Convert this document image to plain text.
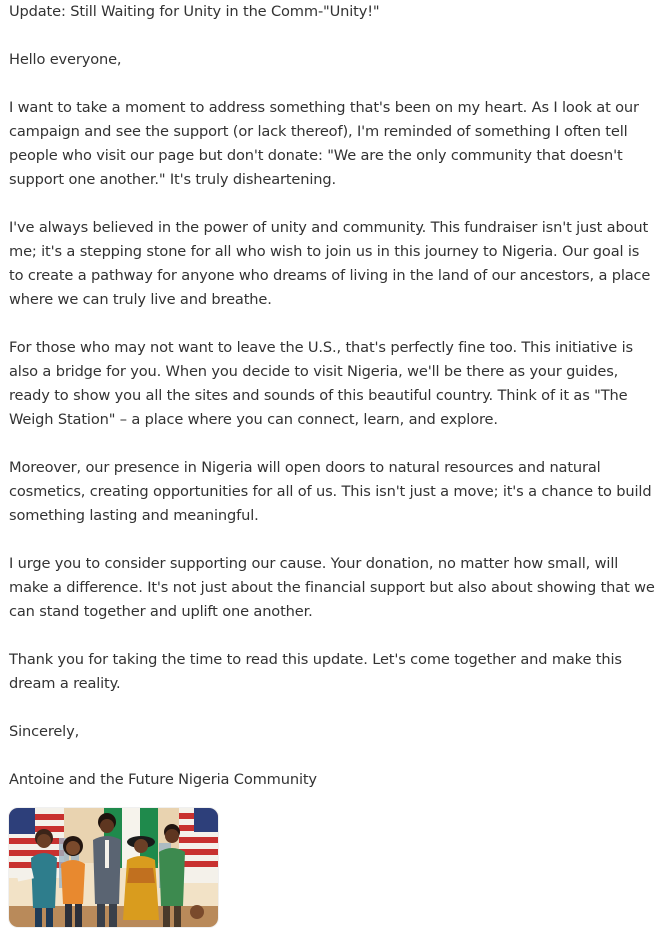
Update: Still Waiting for Unity in the Comm-"Unity!"
Hello everyone,
I want to take a moment to address something that's been on my heart. As I look at our
campaign and see the support (or lack thereof), I'm reminded of something I often tell
people who visit our page but don't donate: "We are the only community that doesn't
support one another." It's truly disheartening.
I've always believed in the power of unity and community. This fundraiser isn't just about
me; it's a stepping stone for all who wish to join us in this journey to Nigeria. Our goal is
to create a pathway for anyone who dreams of living in the land of our ancestors, a place
where we can truly live and breathe.
For those who may not want to leave the U.S., that's perfectly fine too. This initiative is
also a bridge for you. When you decide to visit Nigeria, we'll be there as your guides,
ready to show you all the sites and sounds of this beautiful country. Think of it as "The
Weigh Station" – a place where you can connect, learn, and explore.
Moreover, our presence in Nigeria will open doors to natural resources and natural
cosmetics, creating opportunities for all of us. This isn't just a move; it's a chance to build
something lasting and meaningful.
I urge you to consider supporting our cause. Your donation, no matter how small, will
make a difference. It's not just about the financial support but also about showing that we
can stand together and uplift one another.
Thank you for taking the time to read this update. Let's come together and make this
dream a reality.
Sincerely,
Antoine and the Future Nigeria Community
